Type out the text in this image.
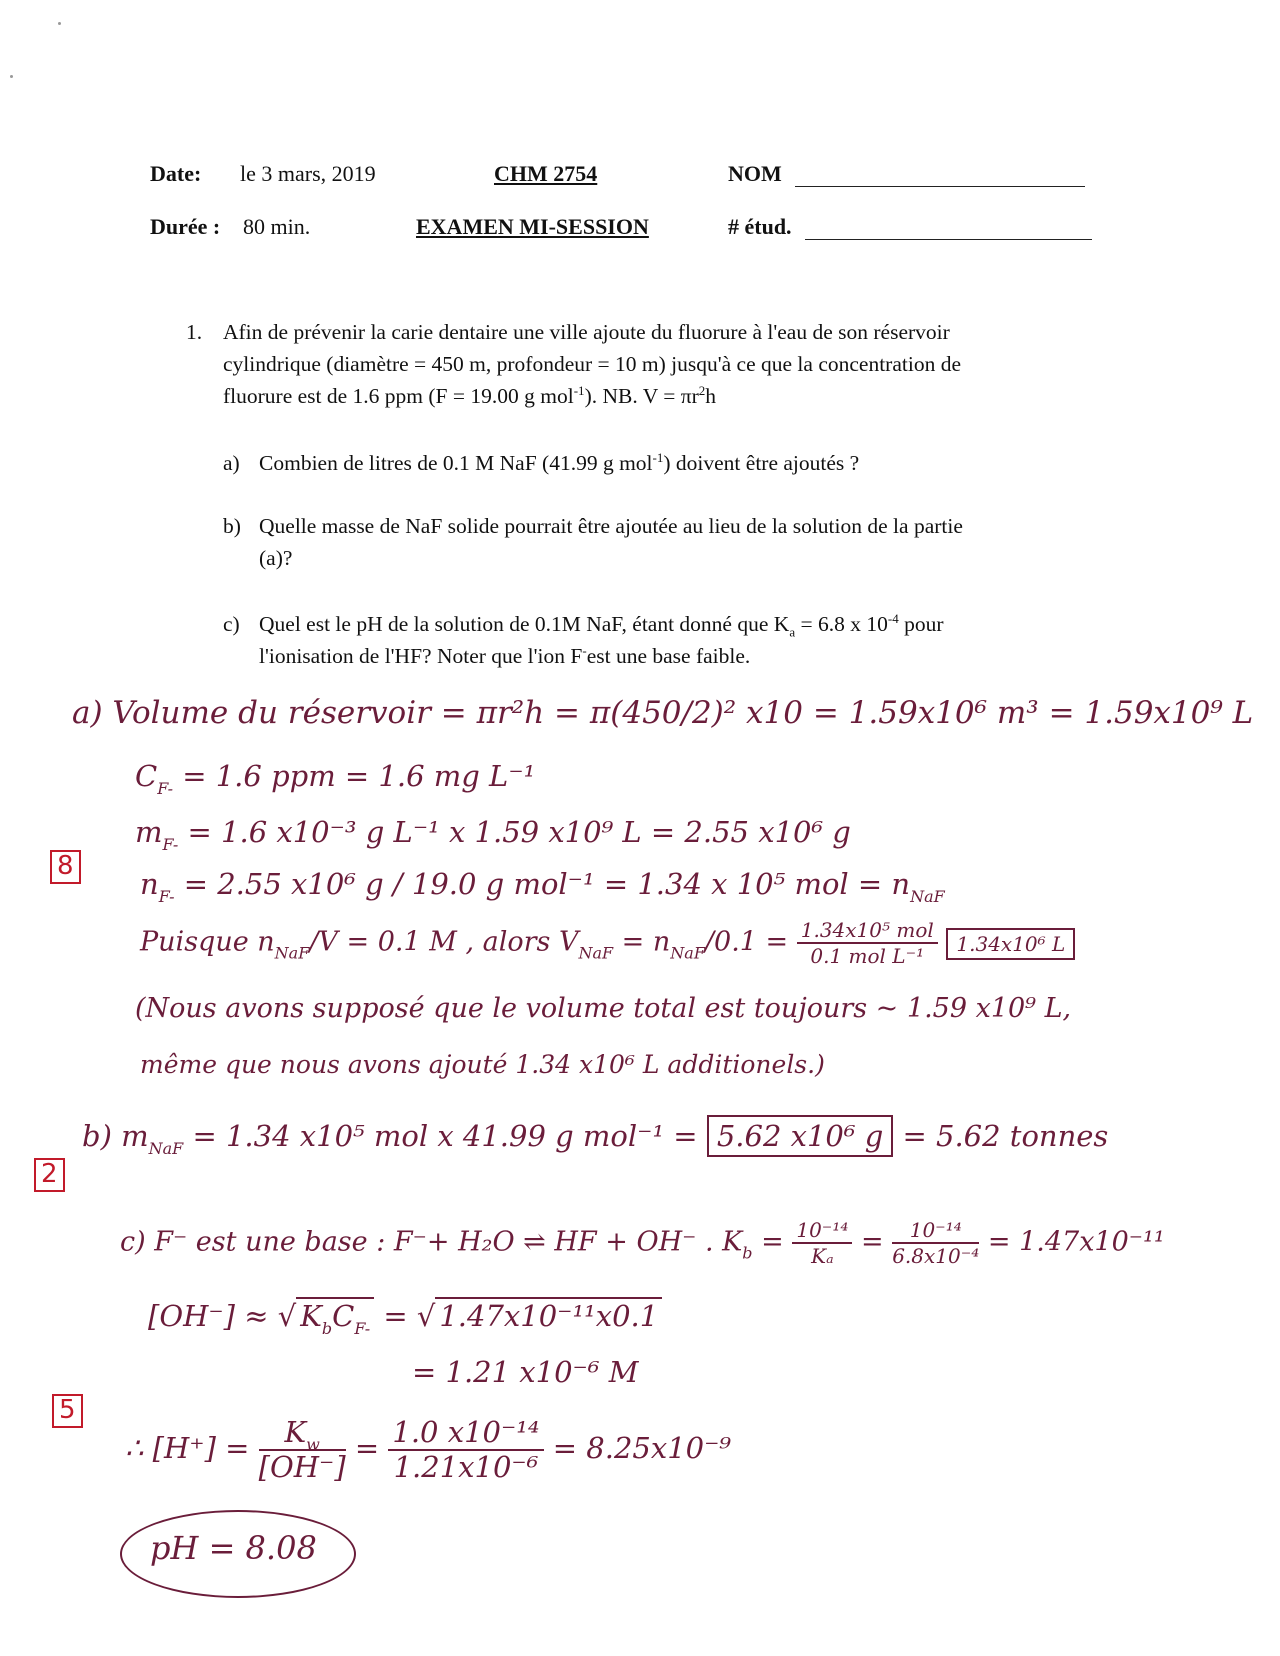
Date: le 3 mars, 2019	CHM 2754	NOM
Durée : 80 min.	EXAMEN MI-SESSION	# étud.
1. Afin de prévenir la carie dentaire une ville ajoute du fluorure à l'eau de son réservoir
cylindrique (diamètre = 450 m, profondeur = 10 m) jusqu'à ce que la concentration de
fluorure est de 1.6 ppm (F = 19.00 g mol$^{-1}$). NB. $V = \pi r^2h$
a) Combien de litres de 0.1 M NaF (41.99 g mol$^{-1}$) doivent être ajoutés ?
b) Quelle masse de NaF solide pourrait être ajoutée au lieu de la solution de la partie
(a)?
c) Quel est le pH de la solution de 0.1M NaF, étant donné que $K_a = 6.8$ x $10^{-4}$ pour
l'ionisation de l'HF? Noter que l'ion F-est une base faible.
a) Volume du réservoir = πr²h = π(450/2)² x10 = 1.59x10⁶ m³ = 1.59x10⁹ L
$C_{F-} = 1.6$ ppm = 1.6 mg L⁻¹
$m_{F-} = 1.6$ x10⁻³ g L⁻¹ x 1.59 x10⁹ L = 2.55 x10⁶ g
8
$n_{F-} = 2.55$ x10⁶ g / 19.0 g mol⁻¹ = 1.34 x 10⁵ mol = $n_{NaF}$
Puisque $n_{NaF}/V = 0.1$ M , alors $V_{NaF} = n_{NaF}/0.1 = \frac{\text{1.34x10⁵ mol}}{\text{0.1 mol L⁻¹}} 1.34x10^6$ L
(Nous avons supposé que le volume total est toujours ~ 1.59 x10⁹ L,
même que nous avons ajouté 1.34 x10⁶ L additionels.)
b) $m_{NaF} = 1.34$ x10⁵ mol x 41.99 g mol⁻¹ = 5.62 x10⁶ g = 5.62 tonnes
2
c) F⁻ est une base : F⁻+ H₂O ⇌ HF + OH⁻ . $K_b = \frac{\text{10⁻¹⁴}}{\text{Kₐ}} = \frac{\text{10⁻¹⁴}}{\text{6.8x10⁻⁴}} = 1.47x10^{-11}$
[OH⁻] ≈ √ $K_bC_{F-}$ = √ 1.47x10⁻¹¹x0.1
= 1.21 x10⁻⁶ M
5
∴ $[H^+] = \frac{K_w}{[OH^-]} = \frac{\text{1.0 x10⁻¹⁴}}{\text{1.21x10⁻⁶}} = 8.25x10^{-9}$
pH = 8.08
